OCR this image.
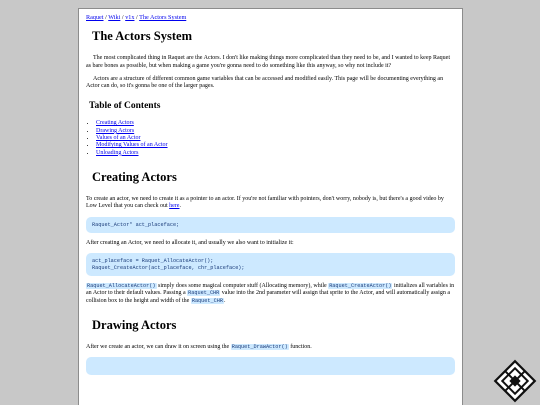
Raquet / Wiki / v1x / The Actors System
The Actors System

The most complicated thing in Raquet are the Actors. I don't like making things more complicated than they need to be, and I wanted to keep Raquet as bare bones as possible, but when making a game you're gonna need to do something like this anyway, so why not include it?

Actors are a structure of different common game variables that can be accessed and modified easily. This page will be documenting everything an Actor can do, so it's gonna be one of the larger pages.

Table of Contents
• Creating Actors
• Drawing Actors
• Values of an Actor
• Modifying Values of an Actor
• Unloading Actors
Creating Actors

To create an actor, we need to create it as a pointer to an actor. If you're not familiar with pointers, don't worry, nobody is, but there's a good video by Low Level that you can check out here.

Raquet_Actor* act_placeface;

After creating an Actor, we need to allocate it, and usually we also want to initialize it:

act_placeface = Raquet_AllocateActor();
Raquet_CreateActor(act_placeface, chr_placeface);

Raquet_AllocateActor() simply does some magical computer stuff (Allocating memory), while Raquet_CreateActor() initializes all variables in an Actor to their default values. Passing a Raquet_CHR value into the 2nd parameter will assign that sprite to the Actor, and will automatically assign a collision box to the height and width of the Raquet_CHR.

Drawing Actors

After we create an actor, we can draw it on screen using the Raquet_DrawActor() function.
